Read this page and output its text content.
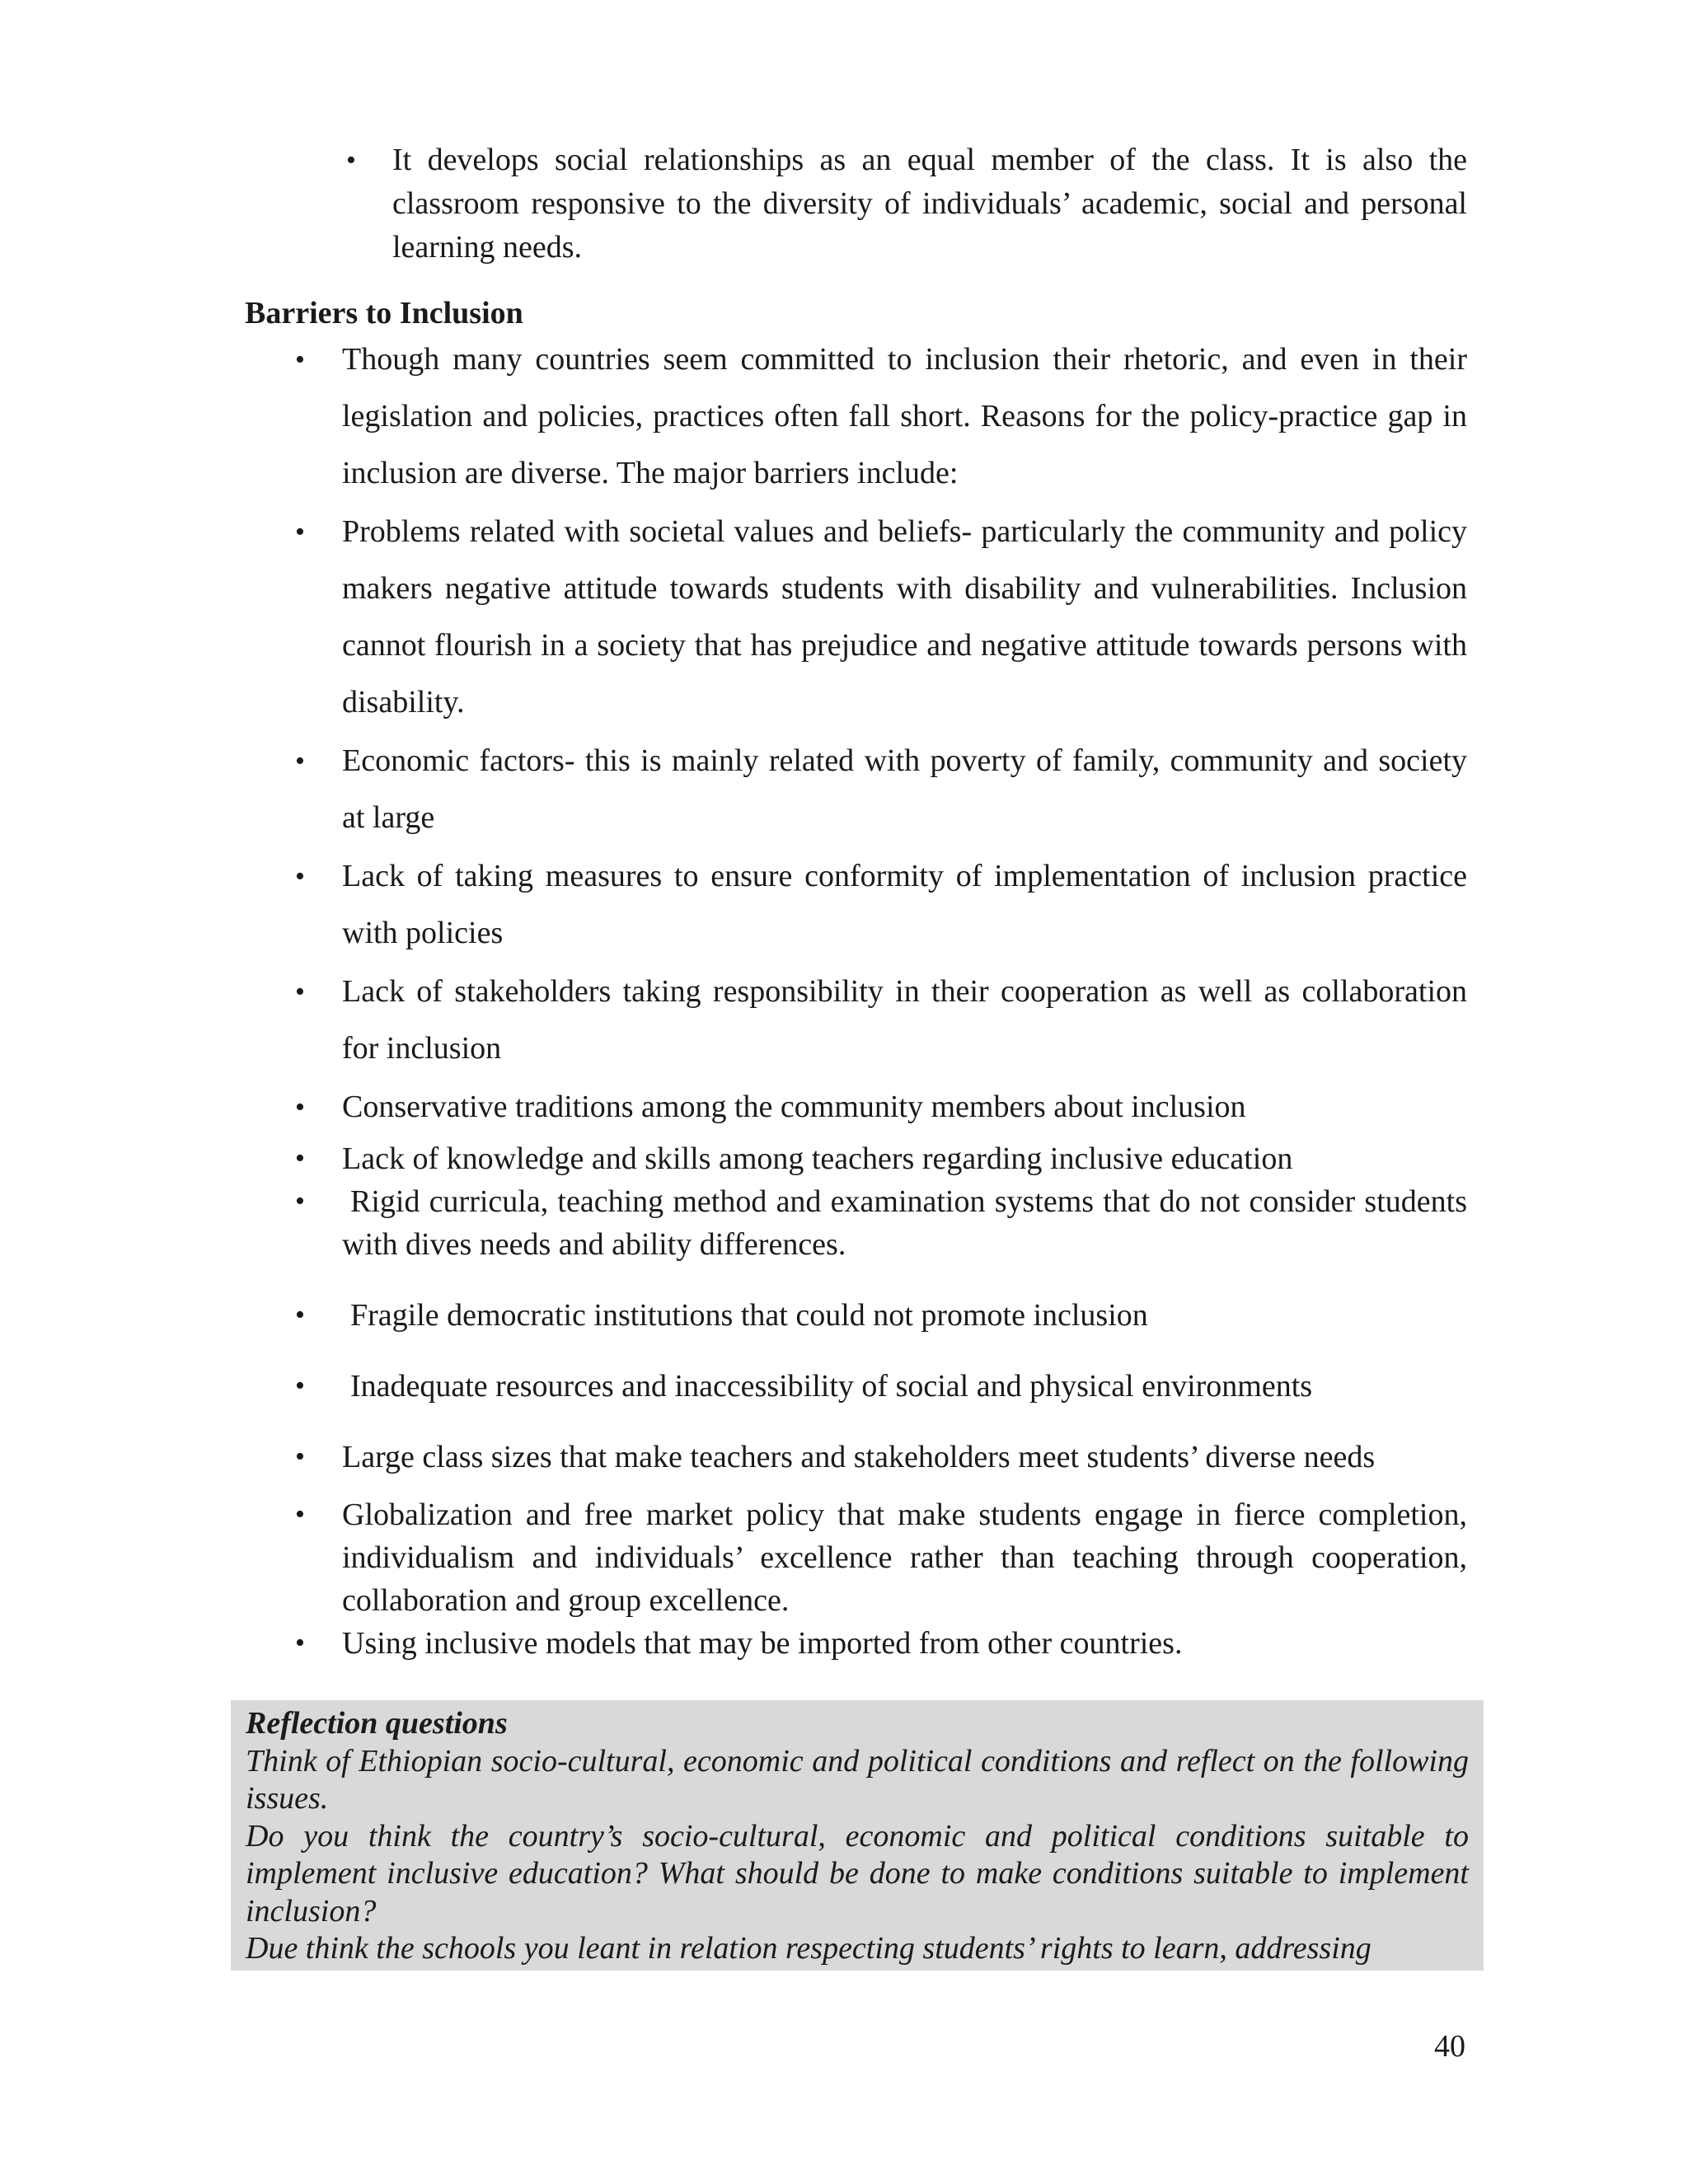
• It develops social relationships as an equal member of the class. It is also the classroom responsive to the diversity of individuals’ academic, social and personal learning needs.
Barriers to Inclusion
• Though many countries seem committed to inclusion their rhetoric, and even in their legislation and policies, practices often fall short. Reasons for the policy-practice gap in inclusion are diverse. The major barriers include:
• Problems related with societal values and beliefs- particularly the community and policy makers negative attitude towards students with disability and vulnerabilities. Inclusion cannot flourish in a society that has prejudice and negative attitude towards persons with disability.
• Economic factors- this is mainly related with poverty of family, community and society at large
• Lack of taking measures to ensure conformity of implementation of inclusion practice with policies
• Lack of stakeholders taking responsibility in their cooperation as well as collaboration for inclusion
• Conservative traditions among the community members about inclusion
• Lack of knowledge and skills among teachers regarding inclusive education
• Rigid curricula, teaching method and examination systems that do not consider students with dives needs and ability differences.
• Fragile democratic institutions that could not promote inclusion
• Inadequate resources and inaccessibility of social and physical environments
• Large class sizes that make teachers and stakeholders meet students’ diverse needs
• Globalization and free market policy that make students engage in fierce completion, individualism and individuals’ excellence rather than teaching through cooperation, collaboration and group excellence.
• Using inclusive models that may be imported from other countries.

Reflection questions

Think of Ethiopian socio-cultural, economic and political conditions and reflect on the following issues.

Do you think the country’s socio-cultural, economic and political conditions suitable to implement inclusive education? What should be done to make conditions suitable to implement inclusion?

Due think the schools you leant in relation respecting students’ rights to learn, addressing

40
